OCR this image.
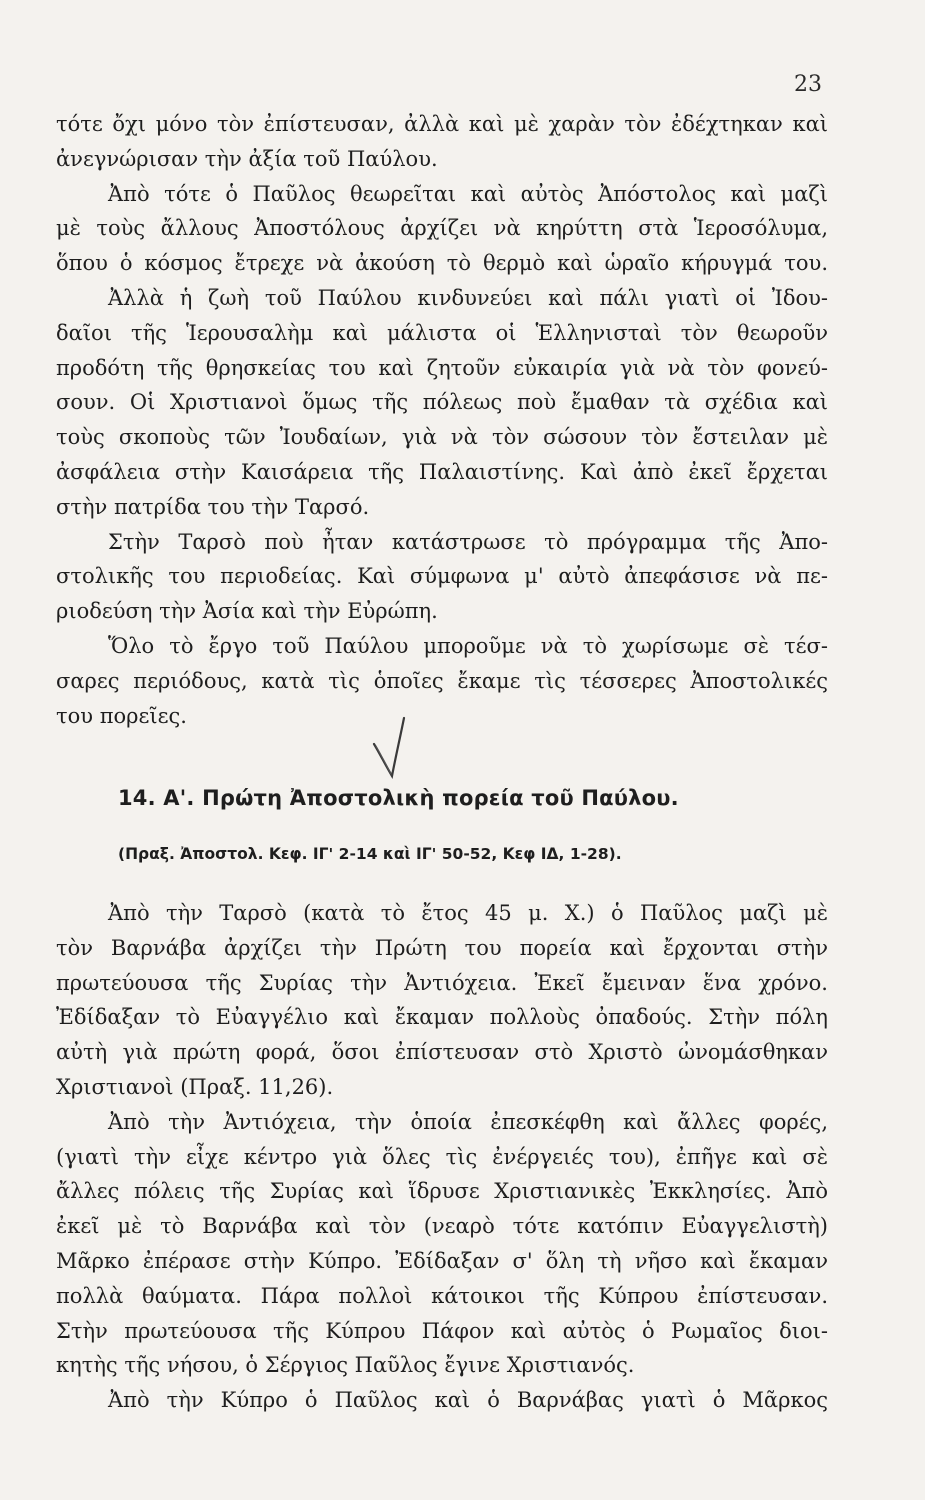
23
τότε ὄχι μόνο τὸν ἐπίστευσαν, ἀλλὰ καὶ μὲ χαρὰν τὸν ἐδέχτηκαν καὶ
ἀνεγνώρισαν τὴν ἀξία τοῦ Παύλου.
Ἀπὸ τότε ὁ Παῦλος θεωρεῖται καὶ αὐτὸς Ἀπόστολος καὶ μαζὶ
μὲ τοὺς ἄλλους Ἀποστόλους ἀρχίζει νὰ κηρύττη στὰ Ἱεροσόλυμα,
ὅπου ὁ κόσμος ἔτρεχε νὰ ἀκούση τὸ θερμὸ καὶ ὡραῖο κήρυγμά του.
Ἀλλὰ ἡ ζωὴ τοῦ Παύλου κινδυνεύει καὶ πάλι γιατὶ οἱ Ἰδου-
δαῖοι τῆς Ἱερουσαλὴμ καὶ μάλιστα οἱ Ἑλληνισταὶ τὸν θεωροῦν
προδότη τῆς θρησκείας του καὶ ζητοῦν εὐκαιρία γιὰ νὰ τὸν φονεύ-
σουν. Οἱ Χριστιανοὶ ὅμως τῆς πόλεως ποὺ ἔμαθαν τὰ σχέδια καὶ
τοὺς σκοποὺς τῶν Ἰουδαίων, γιὰ νὰ τὸν σώσουν τὸν ἔστειλαν μὲ
ἀσφάλεια στὴν Καισάρεια τῆς Παλαιστίνης. Καὶ ἀπὸ ἐκεῖ ἔρχεται
στὴν πατρίδα του τὴν Ταρσό.
Στὴν Ταρσὸ ποὺ ἦταν κατάστρωσε τὸ πρόγραμμα τῆς Ἀπο-
στολικῆς του περιοδείας. Καὶ σύμφωνα μ' αὐτὸ ἀπεφάσισε νὰ πε-
ριοδεύση τὴν Ἀσία καὶ τὴν Εὐρώπη.
Ὅλο τὸ ἔργο τοῦ Παύλου μποροῦμε νὰ τὸ χωρίσωμε σὲ τέσ-
σαρες περιόδους, κατὰ τὶς ὁποῖες ἔκαμε τὶς τέσσερες Ἀποστολικές
του πορεῖες.
14. Α'. Πρώτη Ἀποστολικὴ πορεία τοῦ Παύλου.
(Πραξ. Ἀποστολ. Κεφ. ΙΓ' 2-14 καὶ ΙΓ' 50-52, Κεφ ΙΔ, 1-28).
Ἀπὸ τὴν Ταρσὸ (κατὰ τὸ ἔτος 45 μ. Χ.) ὁ Παῦλος μαζὶ μὲ
τὸν Βαρνάβα ἀρχίζει τὴν Πρώτη του πορεία καὶ ἔρχονται στὴν
πρωτεύουσα τῆς Συρίας τὴν Ἀντιόχεια. Ἐκεῖ ἔμειναν ἕνα χρόνο.
Ἐδίδαξαν τὸ Εὐαγγέλιο καὶ ἔκαμαν πολλοὺς ὀπαδούς. Στὴν πόλη
αὐτὴ γιὰ πρώτη φορά, ὅσοι ἐπίστευσαν στὸ Χριστὸ ὠνομάσθηκαν
Χριστιανοὶ (Πραξ. 11,26).
Ἀπὸ τὴν Ἀντιόχεια, τὴν ὁποία ἐπεσκέφθη καὶ ἄλλες φορές,
(γιατὶ τὴν εἶχε κέντρο γιὰ ὅλες τὶς ἐνέργειές του), ἐπῆγε καὶ σὲ
ἄλλες πόλεις τῆς Συρίας καὶ ἵδρυσε Χριστιανικὲς Ἐκκλησίες. Ἀπὸ
ἐκεῖ μὲ τὸ Βαρνάβα καὶ τὸν (νεαρὸ τότε κατόπιν Εὐαγγελιστὴ)
Μᾶρκο ἐπέρασε στὴν Κύπρο. Ἐδίδαξαν σ' ὅλη τὴ νῆσο καὶ ἔκαμαν
πολλὰ θαύματα. Πάρα πολλοὶ κάτοικοι τῆς Κύπρου ἐπίστευσαν.
Στὴν πρωτεύουσα τῆς Κύπρου Πάφον καὶ αὐτὸς ὁ Ρωμαῖος διοι-
κητὴς τῆς νήσου, ὁ Σέργιος Παῦλος ἔγινε Χριστιανός.
Ἀπὸ τὴν Κύπρο ὁ Παῦλος καὶ ὁ Βαρνάβας γιατὶ ὁ Μᾶρκος
